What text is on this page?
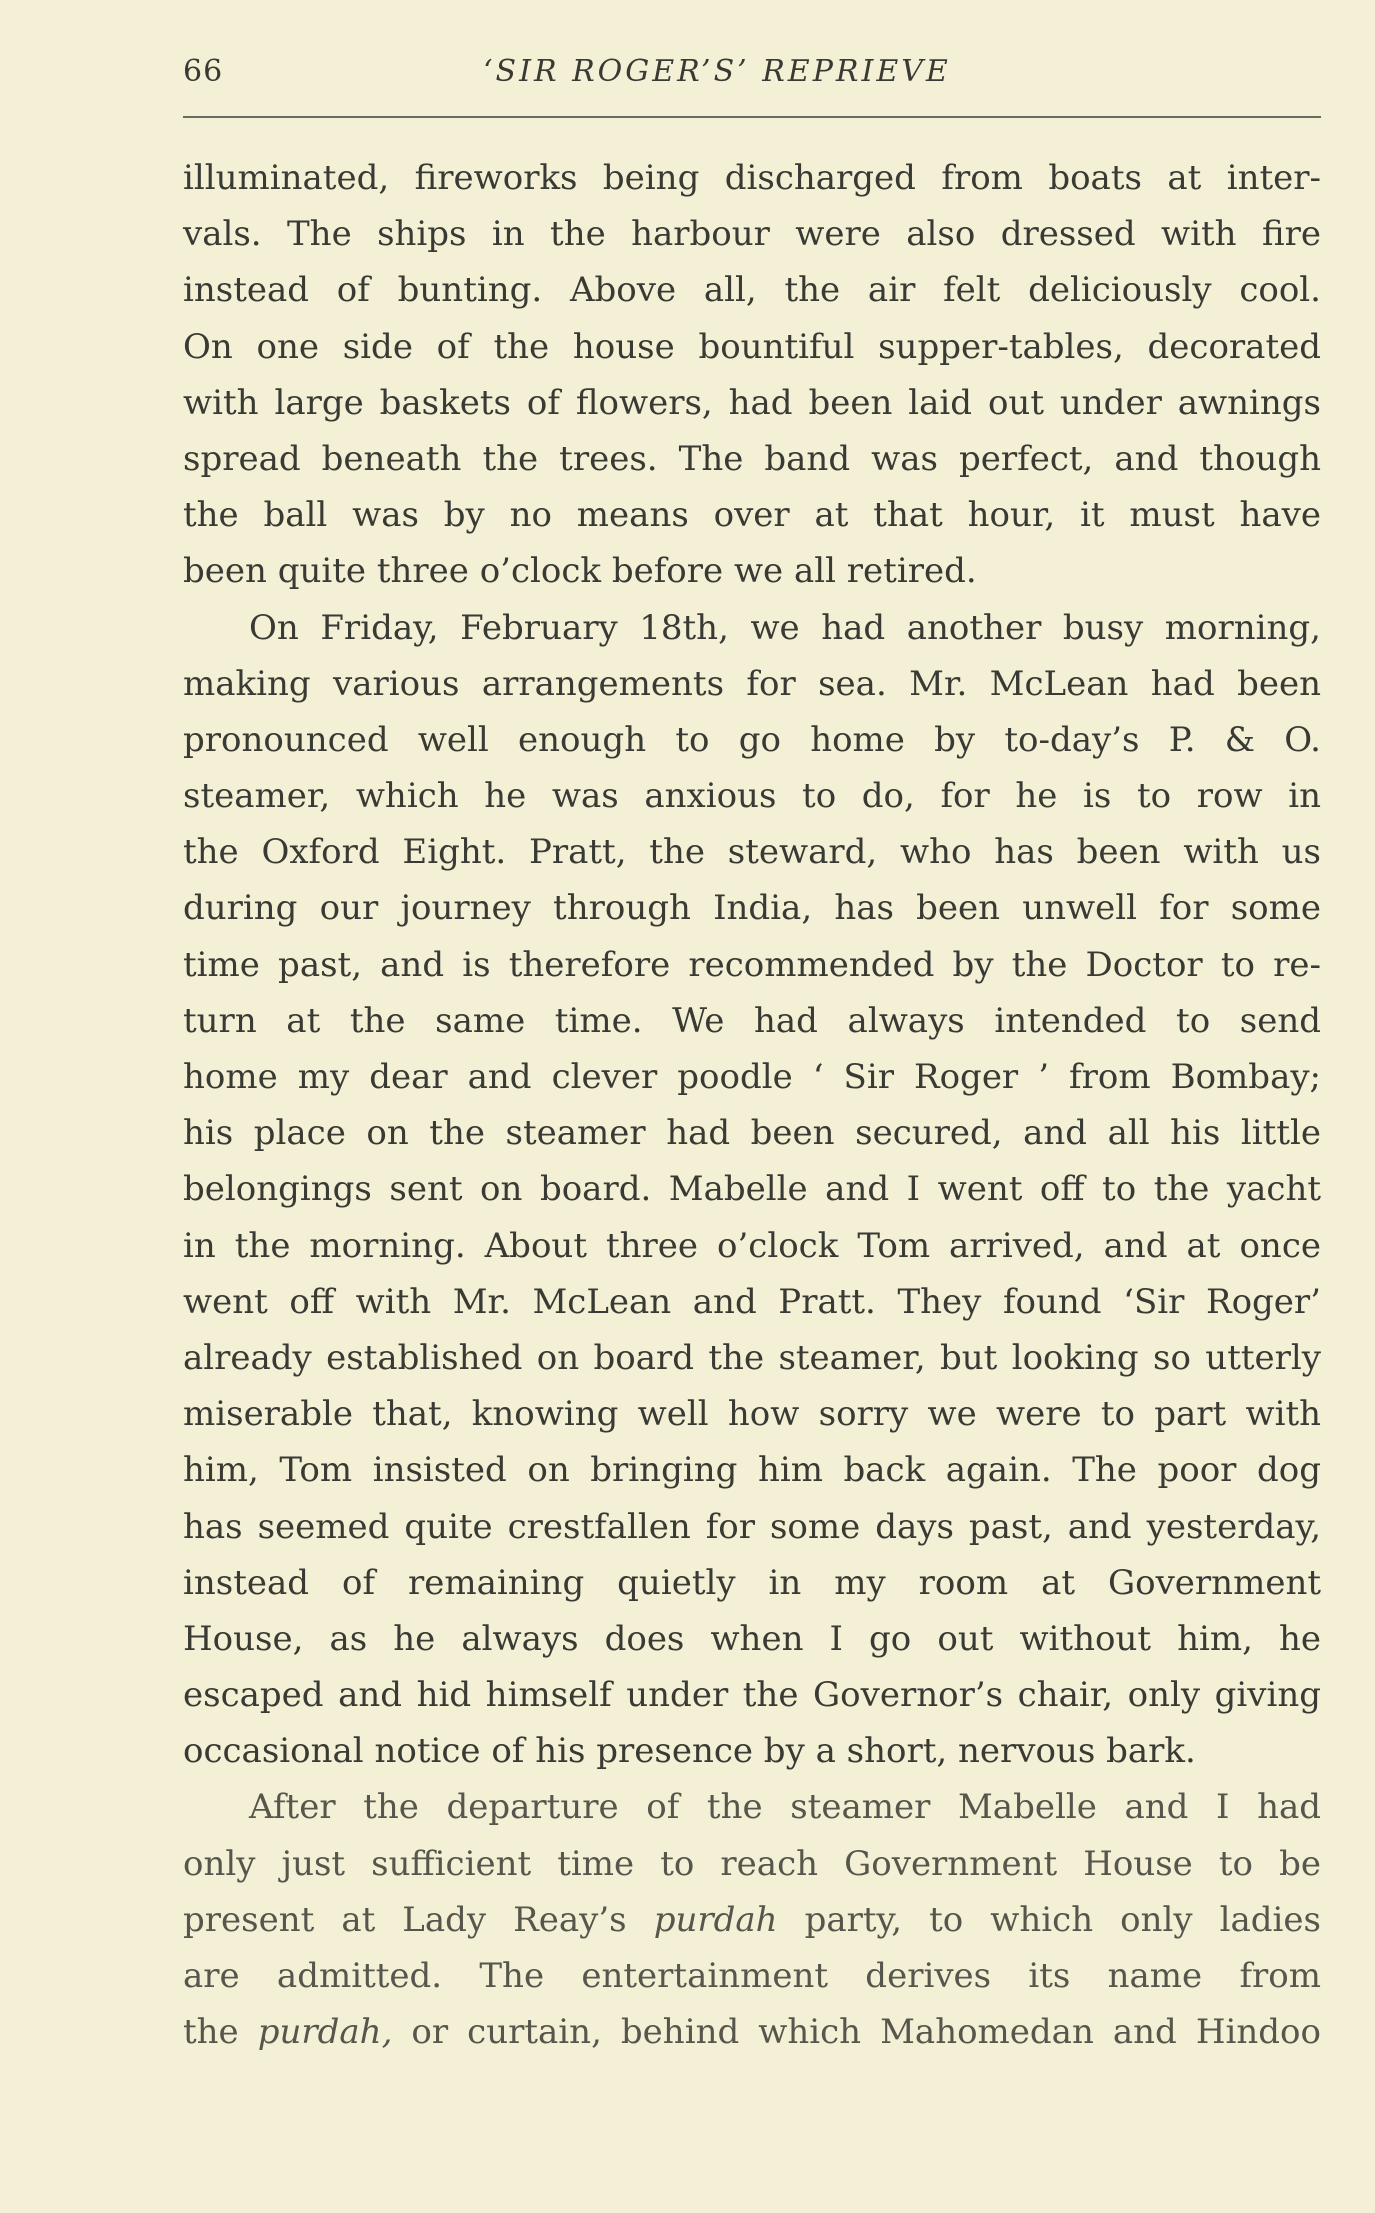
66	‘SIR ROGER’S’ REPRIEVE
illuminated, fireworks being discharged from boats at inter-
vals. The ships in the harbour were also dressed with fire
instead of bunting. Above all, the air felt deliciously cool.
On one side of the house bountiful supper-tables, decorated
with large baskets of flowers, had been laid out under awnings
spread beneath the trees. The band was perfect, and though
the ball was by no means over at that hour, it must have
been quite three o’clock before we all retired.
On Friday, February 18th, we had another busy morning,
making various arrangements for sea. Mr. McLean had been
pronounced well enough to go home by to-day’s P. & O.
steamer, which he was anxious to do, for he is to row in
the Oxford Eight. Pratt, the steward, who has been with us
during our journey through India, has been unwell for some
time past, and is therefore recommended by the Doctor to re-
turn at the same time. We had always intended to send
home my dear and clever poodle ‘ Sir Roger ’ from Bombay;
his place on the steamer had been secured, and all his little
belongings sent on board. Mabelle and I went off to the yacht
in the morning. About three o’clock Tom arrived, and at once
went off with Mr. McLean and Pratt. They found ‘Sir Roger’
already established on board the steamer, but looking so utterly
miserable that, knowing well how sorry we were to part with
him, Tom insisted on bringing him back again. The poor dog
has seemed quite crestfallen for some days past, and yesterday,
instead of remaining quietly in my room at Government
House, as he always does when I go out without him, he
escaped and hid himself under the Governor’s chair, only giving
occasional notice of his presence by a short, nervous bark.
After the departure of the steamer Mabelle and I had
only just sufficient time to reach Government House to be
present at Lady Reay’s purdah party, to which only ladies
are admitted. The entertainment derives its name from
the purdah, or curtain, behind which Mahomedan and Hindoo
